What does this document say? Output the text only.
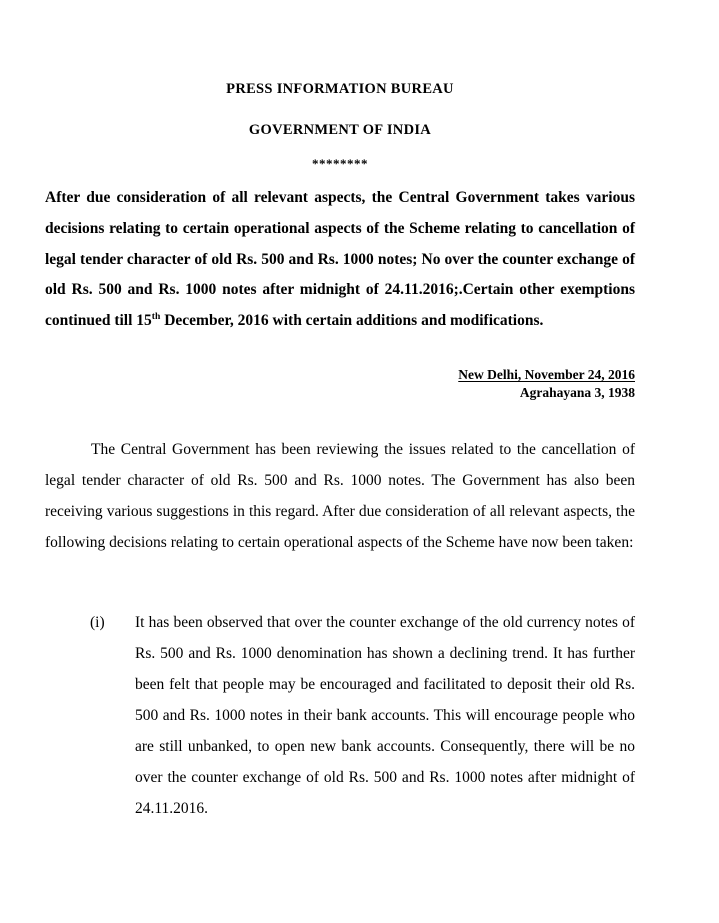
PRESS INFORMATION BUREAU
GOVERNMENT OF INDIA
********
After due consideration of all relevant aspects, the Central Government takes various decisions relating to certain operational aspects of the Scheme relating to cancellation of legal tender character of old Rs. 500 and Rs. 1000 notes; No over the counter exchange of old Rs. 500 and Rs. 1000 notes after midnight of 24.11.2016;.Certain other exemptions continued till 15th December, 2016 with certain additions and modifications.
New Delhi, November 24, 2016
Agrahayana 3, 1938
The Central Government has been reviewing the issues related to the cancellation of legal tender character of old Rs. 500 and Rs. 1000 notes. The Government has also been receiving various suggestions in this regard. After due consideration of all relevant aspects, the following decisions relating to certain operational aspects of the Scheme have now been taken:
(i)	It has been observed that over the counter exchange of the old currency notes of Rs. 500 and Rs. 1000 denomination has shown a declining trend. It has further been felt that people may be encouraged and facilitated to deposit their old Rs. 500 and Rs. 1000 notes in their bank accounts. This will encourage people who are still unbanked, to open new bank accounts. Consequently, there will be no over the counter exchange of old Rs. 500 and Rs. 1000 notes after midnight of 24.11.2016.
